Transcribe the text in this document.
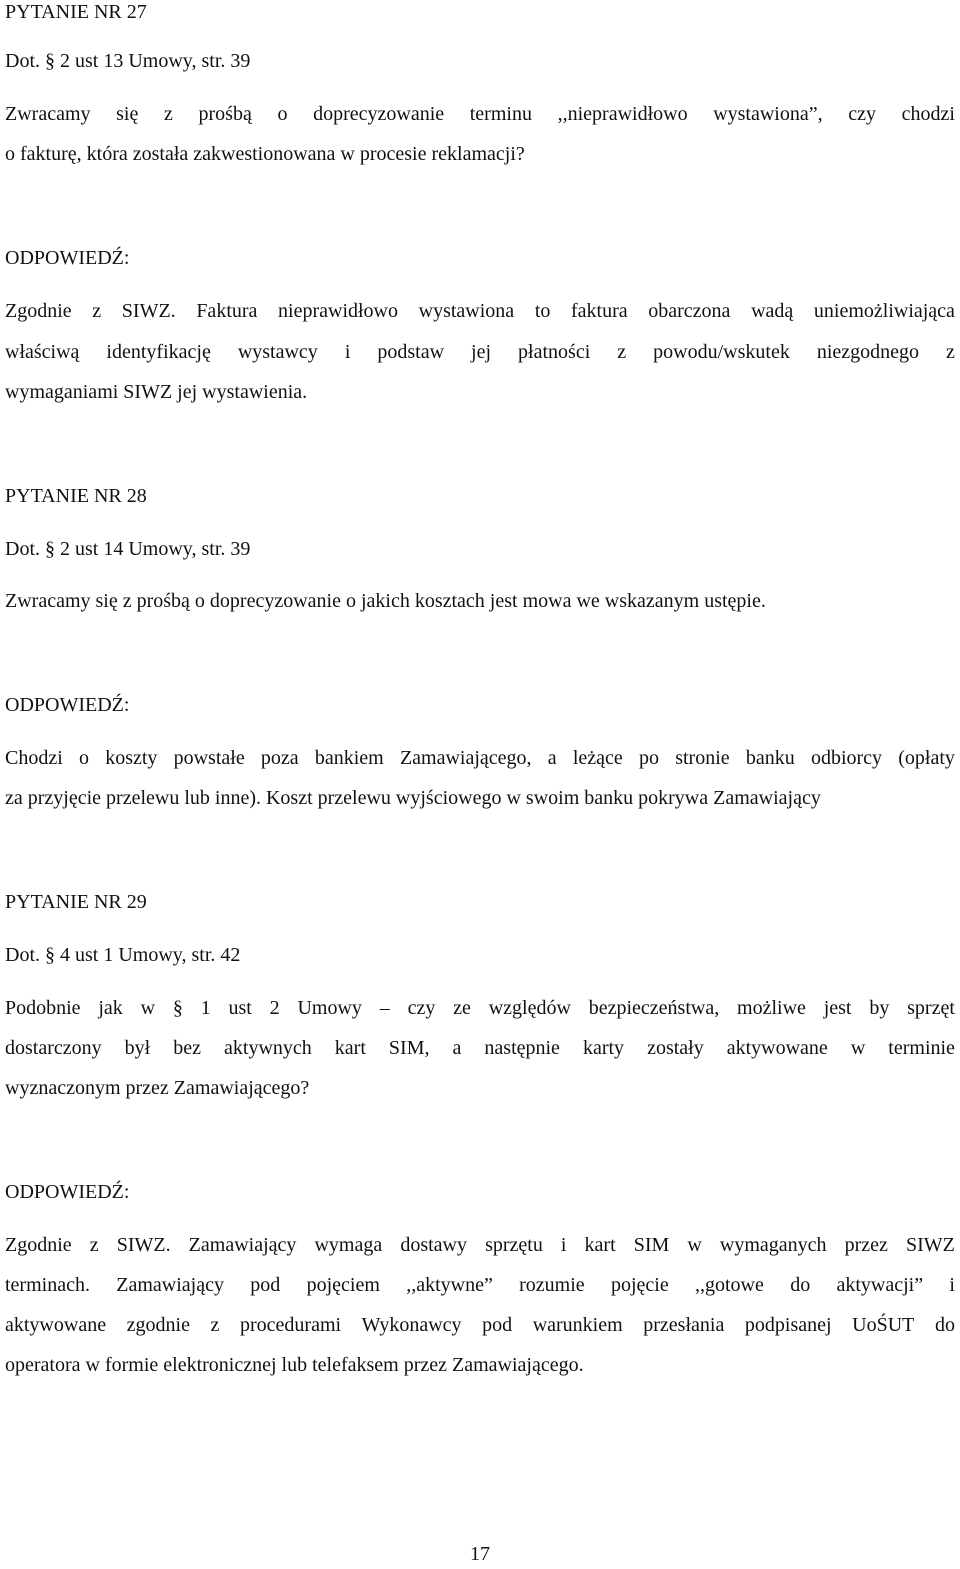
PYTANIE NR 27
Dot. § 2 ust 13 Umowy, str. 39
Zwracamy się z prośbą o doprecyzowanie terminu ,,nieprawidłowo wystawiona”, czy chodzi
o fakturę, która została zakwestionowana w procesie reklamacji?
ODPOWIEDŹ:
Zgodnie z SIWZ. Faktura nieprawidłowo wystawiona to faktura obarczona wadą uniemożliwiająca
właściwą identyfikację wystawcy i podstaw jej płatności z powodu/wskutek niezgodnego z
wymaganiami SIWZ jej wystawienia.
PYTANIE NR 28
Dot. § 2 ust 14 Umowy, str. 39
Zwracamy się z prośbą o doprecyzowanie o jakich kosztach jest mowa we wskazanym ustępie.
ODPOWIEDŹ:
Chodzi o koszty powstałe poza bankiem Zamawiającego, a leżące po stronie banku odbiorcy (opłaty
za przyjęcie przelewu lub inne). Koszt przelewu wyjściowego w swoim banku pokrywa Zamawiający
PYTANIE NR 29
Dot. § 4 ust 1 Umowy, str. 42
Podobnie jak w § 1 ust 2 Umowy – czy ze względów bezpieczeństwa, możliwe jest by sprzęt
dostarczony był bez aktywnych kart SIM, a następnie karty zostały aktywowane w terminie
wyznaczonym przez Zamawiającego?
ODPOWIEDŹ:
Zgodnie z SIWZ. Zamawiający wymaga dostawy sprzętu i kart SIM w wymaganych przez SIWZ
terminach. Zamawiający pod pojęciem ,,aktywne” rozumie pojęcie ,,gotowe do aktywacji” i
aktywowane zgodnie z procedurami Wykonawcy pod warunkiem przesłania podpisanej UoŚUT do
operatora w formie elektronicznej lub telefaksem przez Zamawiającego.
17
